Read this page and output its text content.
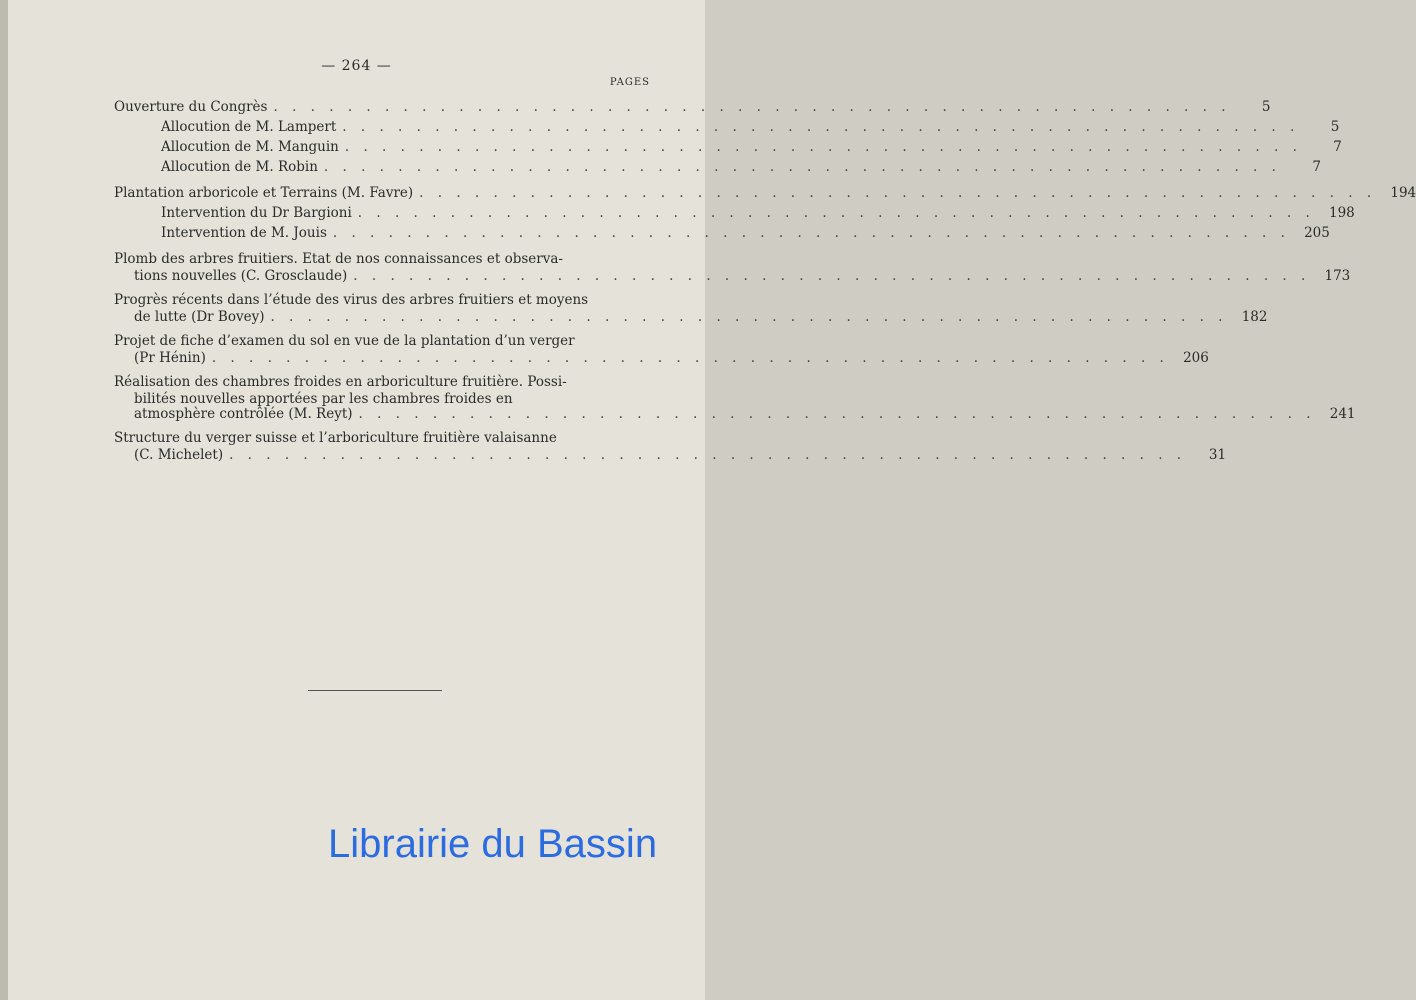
— 264 —
PAGES
Ouverture du Congrès . . . . . . . . . . . . . . . . . . . . . . . . . . . . . . . . . . . . . . . . . . . . . . . . . . . .	5
Allocution de M. Lampert . . . . . . . . . . . . . . . . . . . . . . . . . . . . . . . . . . . . . . . . . . . . . . . . . . . .	5
Allocution de M. Manguin . . . . . . . . . . . . . . . . . . . . . . . . . . . . . . . . . . . . . . . . . . . . . . . . . . . .	7
Allocution de M. Robin . . . . . . . . . . . . . . . . . . . . . . . . . . . . . . . . . . . . . . . . . . . . . . . . . . . .	7
Plantation arboricole et Terrains (M. Favre) . . . . . . . . . . . . . . . . . . . . . . . . . . . . . . . . . . . . . . . . . . . . . . . . . . . .	194
Intervention du Dr Bargioni . . . . . . . . . . . . . . . . . . . . . . . . . . . . . . . . . . . . . . . . . . . . . . . . . . . .	198
Intervention de M. Jouis . . . . . . . . . . . . . . . . . . . . . . . . . . . . . . . . . . . . . . . . . . . . . . . . . . . .	205
Plomb des arbres fruitiers. Etat de nos connaissances et observa-
tions nouvelles (C. Grosclaude) . . . . . . . . . . . . . . . . . . . . . . . . . . . . . . . . . . . . . . . . . . . . . . . . . . . .	173
Progrès récents dans l’étude des virus des arbres fruitiers et moyens
de lutte (Dr Bovey) . . . . . . . . . . . . . . . . . . . . . . . . . . . . . . . . . . . . . . . . . . . . . . . . . . . .	182
Projet de fiche d’examen du sol en vue de la plantation d’un verger
(Pr Hénin) . . . . . . . . . . . . . . . . . . . . . . . . . . . . . . . . . . . . . . . . . . . . . . . . . . . .	206
Réalisation des chambres froides en arboriculture fruitière. Possi-
bilités nouvelles apportées par les chambres froides en
atmosphère contrôlée (M. Reyt) . . . . . . . . . . . . . . . . . . . . . . . . . . . . . . . . . . . . . . . . . . . . . . . . . . . .	241
Structure du verger suisse et l’arboriculture fruitière valaisanne
(C. Michelet) . . . . . . . . . . . . . . . . . . . . . . . . . . . . . . . . . . . . . . . . . . . . . . . . . . . .	31
Librairie du Bassin
